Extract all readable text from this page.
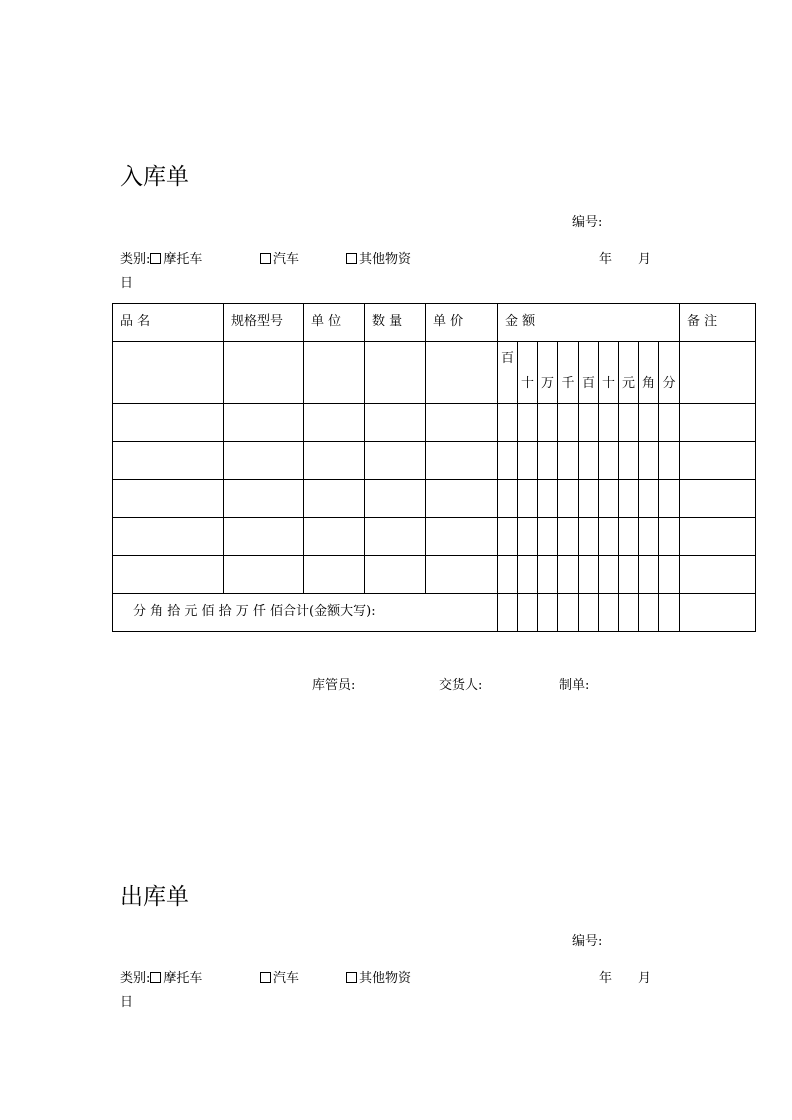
入库单
编号:
类别: 摩托车	汽车	其他物资	年 月
日
品 名	规格型号	单 位	数 量	单 价	金 额									备 注

					百	十	万	千	百	十	元	角	分	

分 角 拾 元 佰 拾 万 仟 佰合计(金额大写):														

库管员:	交货人:	制单:
出库单
编号:
类别: 摩托车	汽车	其他物资	年 月
日
